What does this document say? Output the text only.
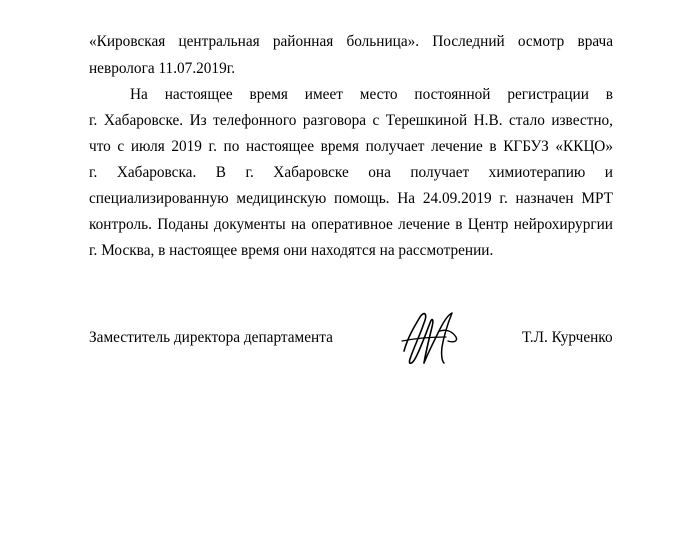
«Кировская центральная районная больница». Последний осмотр врача
невролога 11.07.2019г.
На настоящее время имеет место постоянной регистрации в
г. Хабаровске. Из телефонного разговора с Терешкиной Н.В. стало известно,
что с июля 2019 г. по настоящее время получает лечение в КГБУЗ «ККЦО»
г. Хабаровска. В г. Хабаровске она получает химиотерапию и
специализированную медицинскую помощь. На 24.09.2019 г. назначен МРТ
контроль. Поданы документы на оперативное лечение в Центр нейрохирургии
г. Москва, в настоящее время они находятся на рассмотрении.
Заместитель директора департамента	Т.Л. Курченко
